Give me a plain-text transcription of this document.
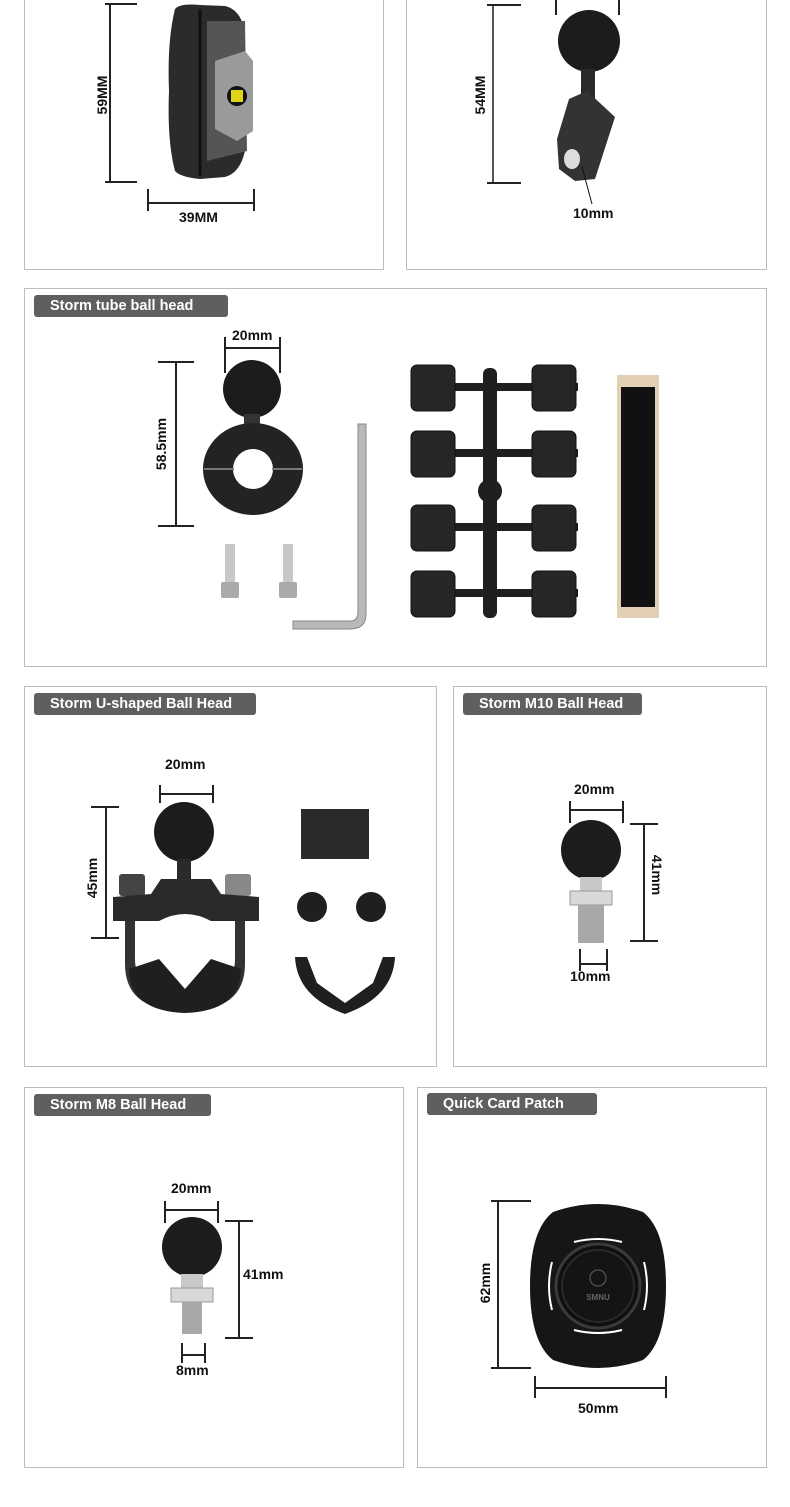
59MM
39MM
54MM
10mm
Storm tube ball head
58.5mm
20mm
Storm U-shaped Ball Head
20mm
45mm
Storm M10 Ball Head
20mm
41mm
10mm
Storm M8 Ball Head
20mm
41mm
8mm
Quick Card Patch
62mm	SMNU
50mm
